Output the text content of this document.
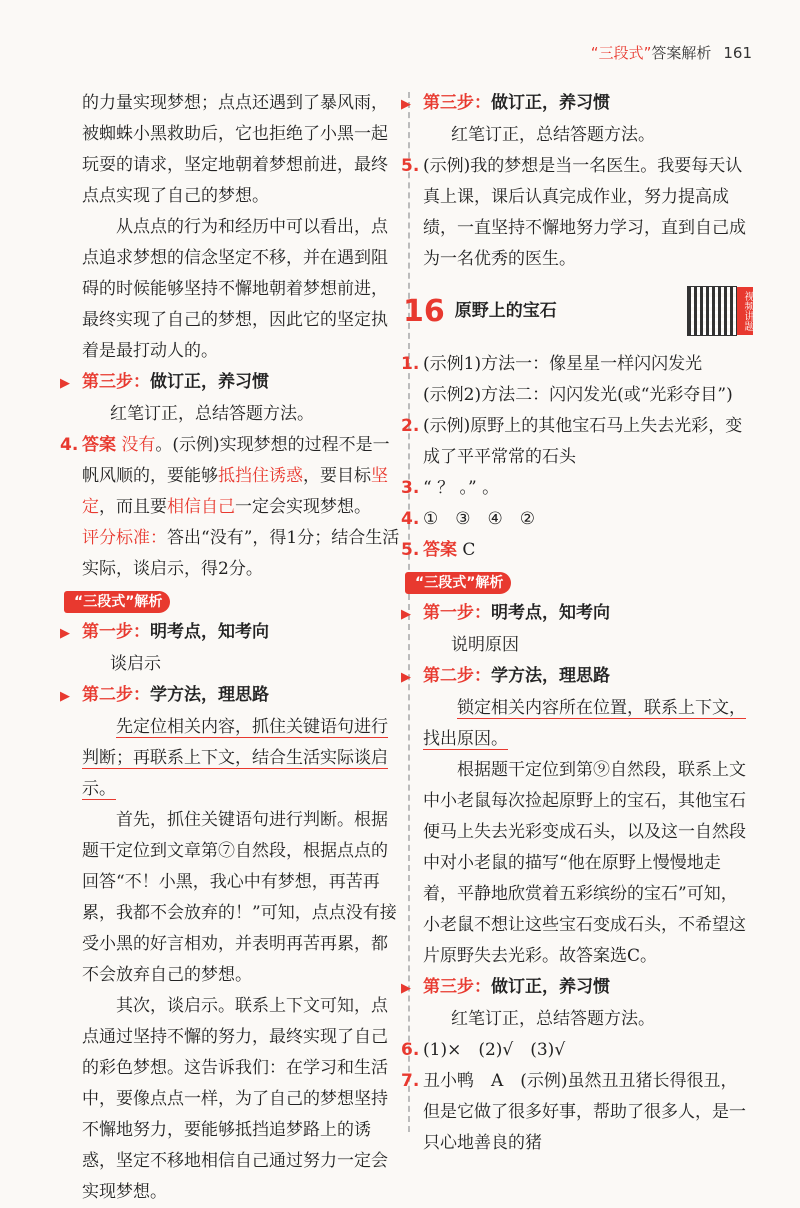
“三段式”答案解析 161

的力量实现梦想；点点还遇到了暴风雨，被蜘蛛小黑救助后，它也拒绝了小黑一起玩耍的请求，坚定地朝着梦想前进，最终点点实现了自己的梦想。

从点点的行为和经历中可以看出，点点追求梦想的信念坚定不移，并在遇到阻碍的时候能够坚持不懈地朝着梦想前进，最终实现了自己的梦想，因此它的坚定执着是最打动人的。

▶ 第三步：做订正，养习惯

红笔订正，总结答题方法。

4. 答案 没有。(示例)实现梦想的过程不是一帆风顺的，要能够抵挡住诱惑，要目标坚定，而且要相信自己一定会实现梦想。

评分标准：答出“没有”，得1分；结合生活实际，谈启示，得2分。

“三段式”解析

▶ 第一步：明考点，知考向

谈启示

▶ 第二步：学方法，理思路

先定位相关内容，抓住关键语句进行判断；再联系上下文，结合生活实际谈启示。

首先，抓住关键语句进行判断。根据题干定位到文章第⑦自然段，根据点点的回答“不！小黑，我心中有梦想，再苦再累，我都不会放弃的！”可知，点点没有接受小黑的好言相劝，并表明再苦再累，都不会放弃自己的梦想。

其次，谈启示。联系上下文可知，点点通过坚持不懈的努力，最终实现了自己的彩色梦想。这告诉我们：在学习和生活中，要像点点一样，为了自己的梦想坚持不懈地努力，要能够抵挡追梦路上的诱惑，坚定不移地相信自己通过努力一定会实现梦想。

▶ 第三步：做订正，养习惯

红笔订正，总结答题方法。

5. (示例)我的梦想是当一名医生。我要每天认真上课，课后认真完成作业，努力提高成绩，一直坚持不懈地努力学习，直到自己成为一名优秀的医生。

16 原野上的宝石	视频讲题

1. (示例1)方法一：像星星一样闪闪发光

(示例2)方法二：闪闪发光(或“光彩夺目”)

2. (示例)原野上的其他宝石马上失去光彩，变成了平平常常的石头

3. “ ？ 。” 。

4. ①　③　④　②

5. 答案 C

“三段式”解析

▶ 第一步：明考点，知考向

说明原因

▶ 第二步：学方法，理思路

锁定相关内容所在位置，联系上下文，找出原因。

根据题干定位到第⑨自然段，联系上文中小老鼠每次捡起原野上的宝石，其他宝石便马上失去光彩变成石头，以及这一自然段中对小老鼠的描写“他在原野上慢慢地走着，平静地欣赏着五彩缤纷的宝石”可知，小老鼠不想让这些宝石变成石头，不希望这片原野失去光彩。故答案选C。

▶ 第三步：做订正，养习惯

红笔订正，总结答题方法。

6. (1)×　(2)√　(3)√

7. 丑小鸭　A　(示例)虽然丑丑猪长得很丑，但是它做了很多好事，帮助了很多人，是一只心地善良的猪
